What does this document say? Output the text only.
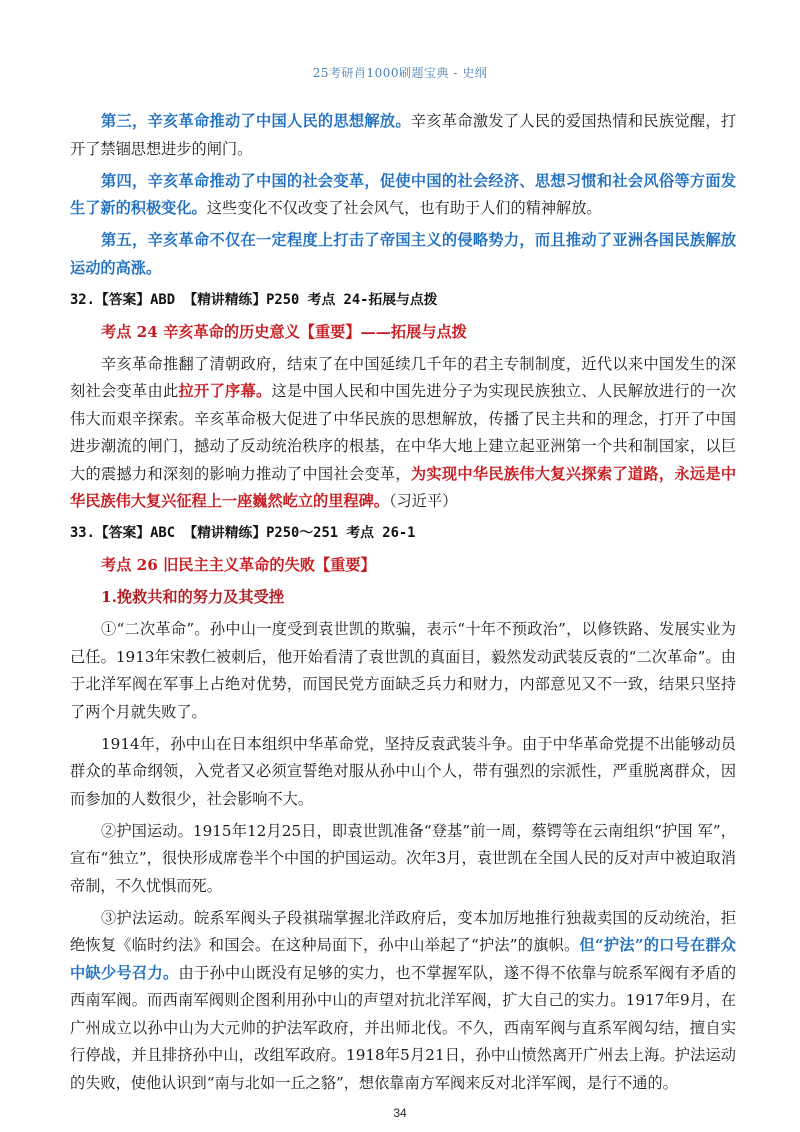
25考研肖1000刷题宝典 - 史纲

第三，辛亥革命推动了中国人民的思想解放。辛亥革命激发了人民的爱国热情和民族觉醒，打开了禁锢思想进步的闸门。

第四，辛亥革命推动了中国的社会变革，促使中国的社会经济、思想习惯和社会风俗等方面发生了新的积极变化。这些变化不仅改变了社会风气，也有助于人们的精神解放。

第五，辛亥革命不仅在一定程度上打击了帝国主义的侵略势力，而且推动了亚洲各国民族解放运动的高涨。

32.【答案】ABD 【精讲精练】P250 考点 24-拓展与点拨

考点 24 辛亥革命的历史意义【重要】——拓展与点拨

辛亥革命推翻了清朝政府，结束了在中国延续几千年的君主专制制度，近代以来中国发生的深刻社会变革由此拉开了序幕。这是中国人民和中国先进分子为实现民族独立、人民解放进行的一次伟大而艰辛探索。辛亥革命极大促进了中华民族的思想解放，传播了民主共和的理念，打开了中国进步潮流的闸门，撼动了反动统治秩序的根基，在中华大地上建立起亚洲第一个共和制国家，以巨大的震撼力和深刻的影响力推动了中国社会变革，为实现中华民族伟大复兴探索了道路，永远是中华民族伟大复兴征程上一座巍然屹立的里程碑。（习近平）

33.【答案】ABC 【精讲精练】P250～251 考点 26-1

考点 26 旧民主主义革命的失败【重要】

1.挽救共和的努力及其受挫

①“二次革命”。孙中山一度受到袁世凯的欺骗，表示“十年不预政治”，以修铁路、发展实业为己任。1913年宋教仁被刺后，他开始看清了袁世凯的真面目，毅然发动武装反袁的“二次革命”。由于北洋军阀在军事上占绝对优势，而国民党方面缺乏兵力和财力，内部意见又不一致，结果只坚持了两个月就失败了。

1914年，孙中山在日本组织中华革命党，坚持反袁武装斗争。由于中华革命党提不出能够动员群众的革命纲领，入党者又必须宣誓绝对服从孙中山个人，带有强烈的宗派性，严重脱离群众，因而参加的人数很少，社会影响不大。

②护国运动。1915年12月25日，即袁世凯准备“登基”前一周，蔡锷等在云南组织“护国 军”，宣布“独立”，很快形成席卷半个中国的护国运动。次年3月，袁世凯在全国人民的反对声中被迫取消帝制，不久忧惧而死。

③护法运动。皖系军阀头子段祺瑞掌握北洋政府后，变本加厉地推行独裁卖国的反动统治，拒绝恢复《临时约法》和国会。在这种局面下，孙中山举起了“护法”的旗帜。但“护法”的口号在群众中缺少号召力。由于孙中山既没有足够的实力，也不掌握军队，遂不得不依靠与皖系军阀有矛盾的西南军阀。而西南军阀则企图利用孙中山的声望对抗北洋军阀，扩大自己的实力。1917年9月，在广州成立以孙中山为大元帅的护法军政府，并出师北伐。不久，西南军阀与直系军阀勾结，擅自实行停战，并且排挤孙中山，改组军政府。1918年5月21日，孙中山愤然离开广州去上海。护法运动的失败，使他认识到“南与北如一丘之貉”，想依靠南方军阀来反对北洋军阀，是行不通的。

34
